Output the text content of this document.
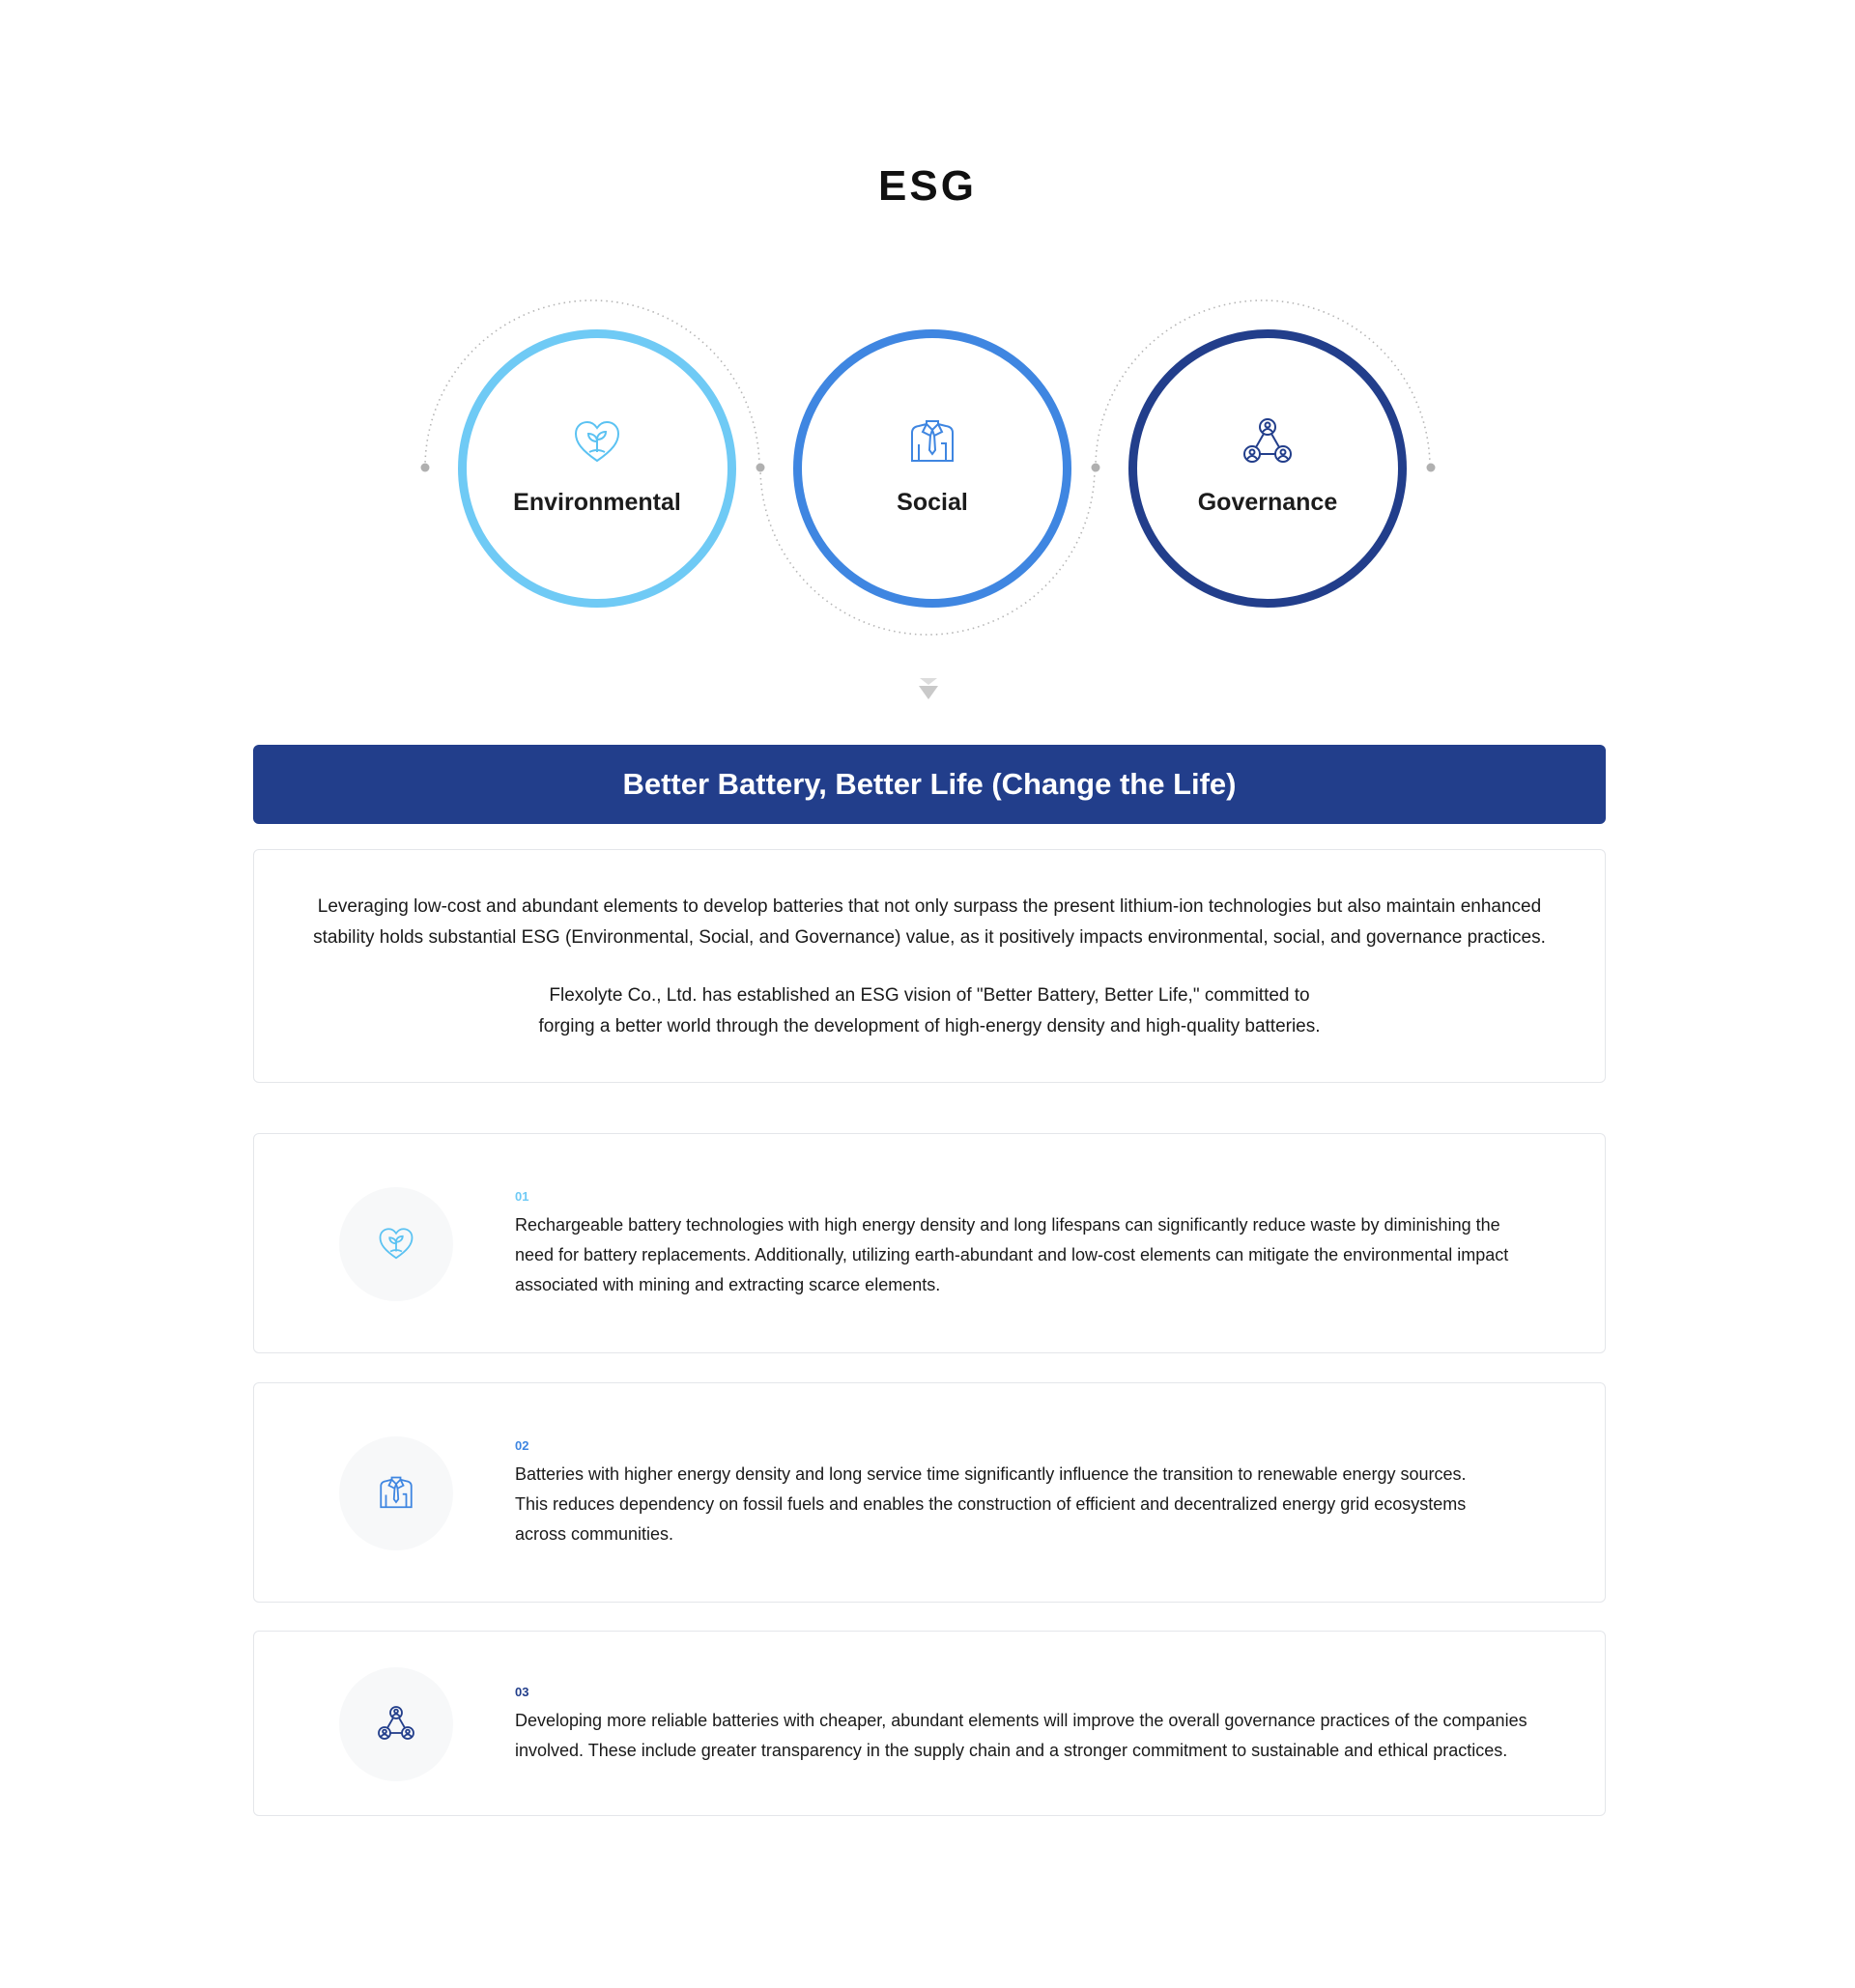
ESG
Environmental	Social	Governance
Better Battery, Better Life (Change the Life)

Leveraging low-cost and abundant elements to develop batteries that not only surpass the present lithium-ion technologies but also maintain enhanced
stability holds substantial ESG (Environmental, Social, and Governance) value, as it positively impacts environmental, social, and governance practices.

Flexolyte Co., Ltd. has established an ESG vision of "Better Battery, Better Life," committed to
forging a better world through the development of high-energy density and high-quality batteries.

01
Rechargeable battery technologies with high energy density and long lifespans can significantly reduce waste by diminishing the
need for battery replacements. Additionally, utilizing earth-abundant and low-cost elements can mitigate the environmental impact
associated with mining and extracting scarce elements.
02
Batteries with higher energy density and long service time significantly influence the transition to renewable energy sources.
This reduces dependency on fossil fuels and enables the construction of efficient and decentralized energy grid ecosystems
across communities.
03
Developing more reliable batteries with cheaper, abundant elements will improve the overall governance practices of the companies
involved. These include greater transparency in the supply chain and a stronger commitment to sustainable and ethical practices.
